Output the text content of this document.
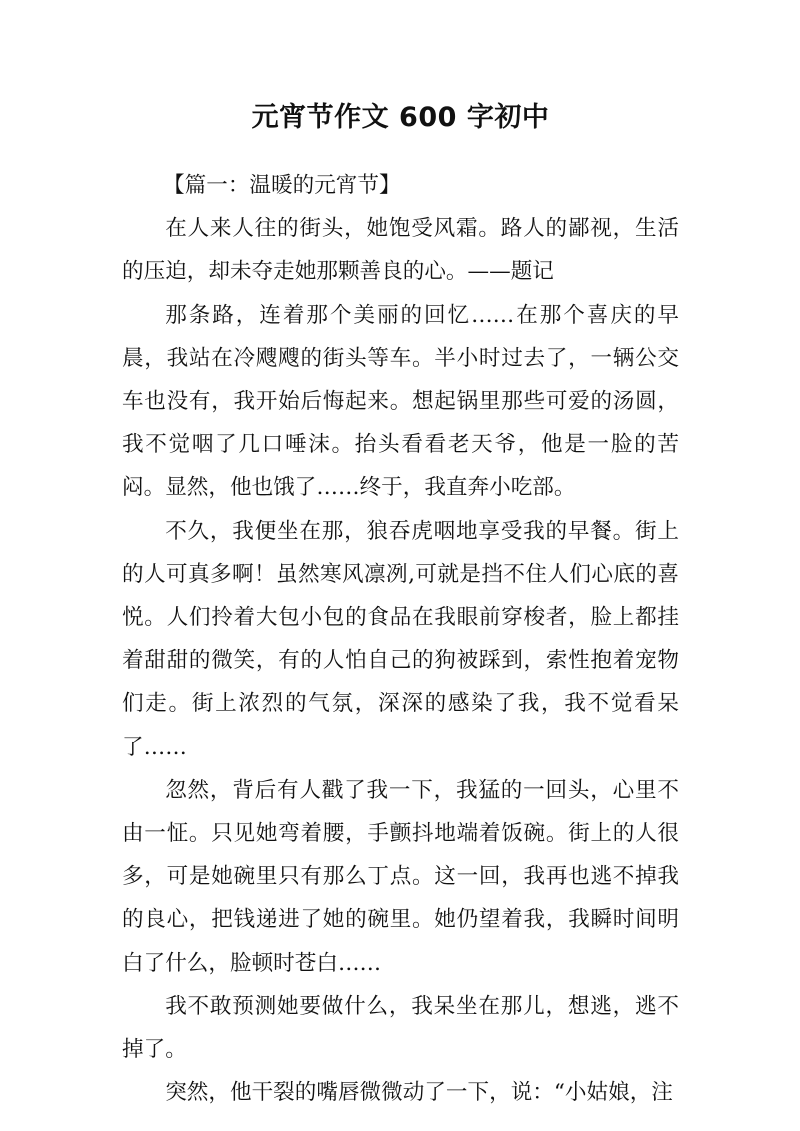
元宵节作文 600 字初中

【篇一：温暖的元宵节】

在人来人往的街头，她饱受风霜。路人的鄙视，生活的压迫，却未夺走她那颗善良的心。——题记

那条路，连着那个美丽的回忆……在那个喜庆的早晨，我站在冷飕飕的街头等车。半小时过去了，一辆公交车也没有，我开始后悔起来。想起锅里那些可爱的汤圆，我不觉咽了几口唾沫。抬头看看老天爷，他是一脸的苦闷。显然，他也饿了……终于，我直奔小吃部。

不久，我便坐在那，狼吞虎咽地享受我的早餐。街上的人可真多啊！虽然寒风凛冽,可就是挡不住人们心底的喜悦。人们拎着大包小包的食品在我眼前穿梭者，脸上都挂着甜甜的微笑，有的人怕自己的狗被踩到，索性抱着宠物们走。街上浓烈的气氛，深深的感染了我，我不觉看呆了……

忽然，背后有人戳了我一下，我猛的一回头，心里不由一怔。只见她弯着腰，手颤抖地端着饭碗。街上的人很多，可是她碗里只有那么丁点。这一回，我再也逃不掉我的良心，把钱递进了她的碗里。她仍望着我，我瞬时间明白了什么，脸顿时苍白……

我不敢预测她要做什么，我呆坐在那儿，想逃，逃不掉了。

突然，他干裂的嘴唇微微动了一下，说：“小姑娘，注
